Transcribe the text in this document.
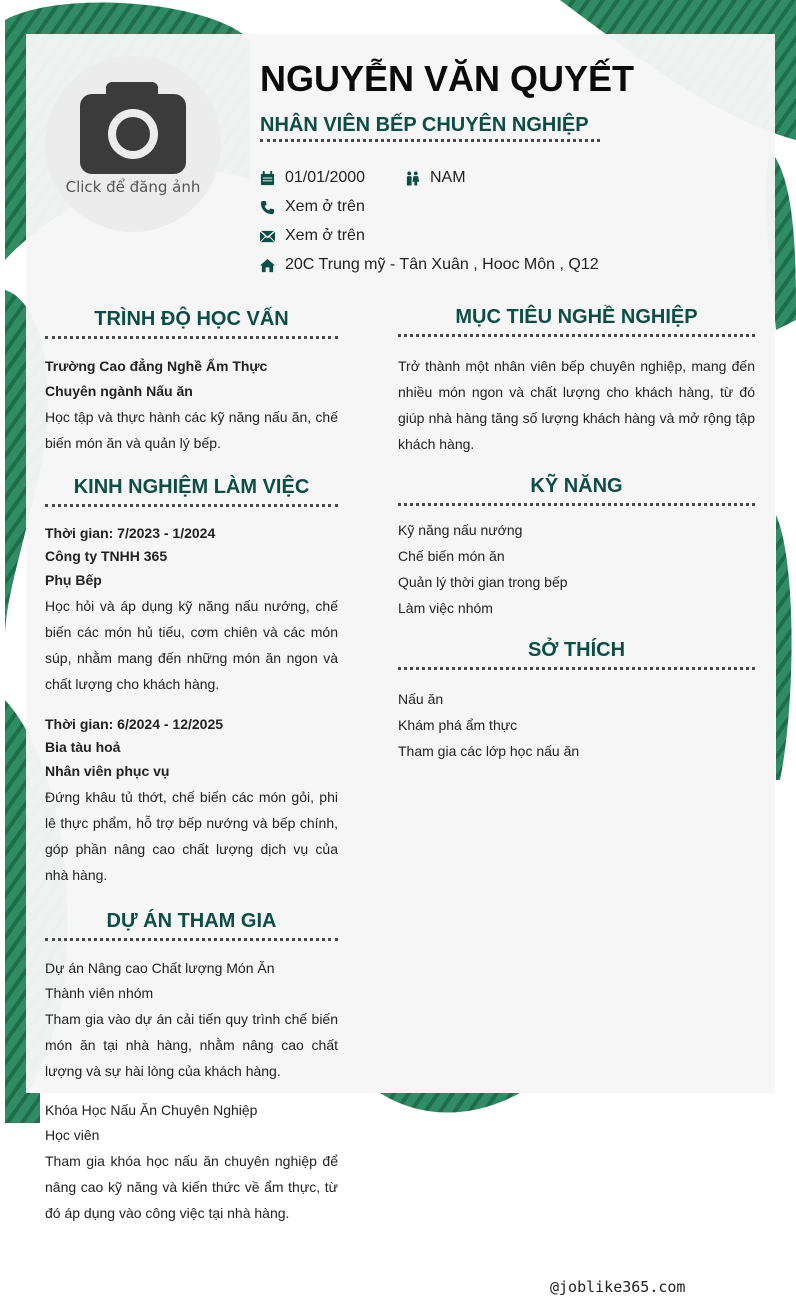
Click để đăng ảnh
NGUYỄN VĂN QUYẾT
NHÂN VIÊN BẾP CHUYÊN NGHIỆP
01/01/2000	NAM
Xem ở trên
Xem ở trên
20C Trung mỹ - Tân Xuân , Hooc Môn , Q12
TRÌNH ĐỘ HỌC VẤN
Trường Cao đẳng Nghề Ẩm Thực
Chuyên ngành Nấu ăn

Học tập và thực hành các kỹ năng nấu ăn, chế biến món ăn và quản lý bếp.

KINH NGHIỆM LÀM VIỆC
Thời gian: 7/2023 - 1/2024
Công ty TNHH 365
Phụ Bếp

Học hỏi và áp dụng kỹ năng nấu nướng, chế biến các món hủ tiếu, cơm chiên và các món súp, nhằm mang đến những món ăn ngon và chất lượng cho khách hàng.

Thời gian: 6/2024 - 12/2025
Bia tàu hoả
Nhân viên phục vụ

Đứng khâu tủ thớt, chế biến các món gỏi, phi lê thực phẩm, hỗ trợ bếp nướng và bếp chính, góp phần nâng cao chất lượng dịch vụ của nhà hàng.

DỰ ÁN THAM GIA
Dự án Nâng cao Chất lượng Món Ăn
Thành viên nhóm

Tham gia vào dự án cải tiến quy trình chế biến món ăn tại nhà hàng, nhằm nâng cao chất lượng và sự hài lòng của khách hàng.

Khóa Học Nấu Ăn Chuyên Nghiệp
Học viên

Tham gia khóa học nấu ăn chuyên nghiệp để nâng cao kỹ năng và kiến thức về ẩm thực, từ đó áp dụng vào công việc tại nhà hàng.

MỤC TIÊU NGHỀ NGHIỆP

Trở thành một nhân viên bếp chuyên nghiệp, mang đến nhiều món ngon và chất lượng cho khách hàng, từ đó giúp nhà hàng tăng số lượng khách hàng và mở rộng tập khách hàng.

KỸ NĂNG
Kỹ năng nấu nướng
Chế biến món ăn
Quản lý thời gian trong bếp
Làm việc nhóm
SỞ THÍCH
Nấu ăn
Khám phá ẩm thực
Tham gia các lớp học nấu ăn
@joblike365.com
